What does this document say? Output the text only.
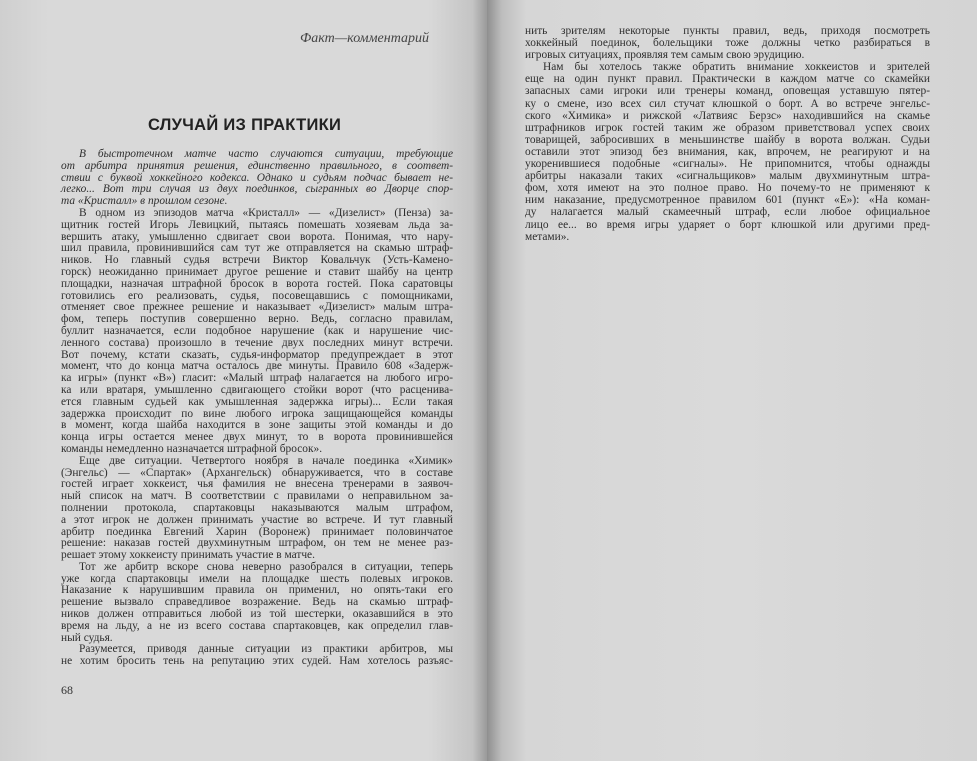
Факт—комментарий
СЛУЧАЙ ИЗ ПРАКТИКИ
В быстротечном матче часто случаются ситуации, требующие
от арбитра принятия решения, единственно правильного, в соответ-
ствии с буквой хоккейного кодекса. Однако и судьям подчас бывает не-
легко... Вот три случая из двух поединков, сыгранных во Дворце спор-
та «Кристалл» в прошлом сезоне.
В одном из эпизодов матча «Кристалл» — «Дизелист» (Пенза) за-
щитник гостей Игорь Левицкий, пытаясь помешать хозяевам льда за-
вершить атаку, умышленно сдвигает свои ворота. Понимая, что нару-
шил правила, провинившийся сам тут же отправляется на скамью штраф-
ников. Но главный судья встречи Виктор Ковальчук (Усть-Камено-
горск) неожиданно принимает другое решение и ставит шайбу на центр
площадки, назначая штрафной бросок в ворота гостей. Пока саратовцы
готовились его реализовать, судья, посовещавшись с помощниками,
отменяет свое прежнее решение и наказывает «Дизелист» малым штра-
фом, теперь поступив совершенно верно. Ведь, согласно правилам,
буллит назначается, если подобное нарушение (как и нарушение чис-
ленного состава) произошло в течение двух последних минут встречи.
Вот почему, кстати сказать, судья-информатор предупреждает в этот
момент, что до конца матча осталось две минуты. Правило 608 «Задерж-
ка игры» (пункт «В») гласит: «Малый штраф налагается на любого игро-
ка или вратаря, умышленно сдвигающего стойки ворот (что расценива-
ется главным судьей как умышленная задержка игры)... Если такая
задержка происходит по вине любого игрока защищающейся команды
в момент, когда шайба находится в зоне защиты этой команды и до
конца игры остается менее двух минут, то в ворота провинившейся
команды немедленно назначается штрафной бросок».
Еще две ситуации. Четвертого ноября в начале поединка «Химик»
(Энгельс) — «Спартак» (Архангельск) обнаруживается, что в составе
гостей играет хоккеист, чья фамилия не внесена тренерами в заявоч-
ный список на матч. В соответствии с правилами о неправильном за-
полнении протокола, спартаковцы наказываются малым штрафом,
а этот игрок не должен принимать участие во встрече. И тут главный
арбитр поединка Евгений Харин (Воронеж) принимает половинчатое
решение: наказав гостей двухминутным штрафом, он тем не менее раз-
решает этому хоккеисту принимать участие в матче.
Тот же арбитр вскоре снова неверно разобрался в ситуации, теперь
уже когда спартаковцы имели на площадке шесть полевых игроков.
Наказание к нарушившим правила он применил, но опять-таки его
решение вызвало справедливое возражение. Ведь на скамью штраф-
ников должен отправиться любой из той шестерки, оказавшийся в это
время на льду, а не из всего состава спартаковцев, как определил глав-
ный судья.
Разумеется, приводя данные ситуации из практики арбитров, мы
не хотим бросить тень на репутацию этих судей. Нам хотелось разъяс-
68
нить зрителям некоторые пункты правил, ведь, приходя посмотреть
хоккейный поединок, болельщики тоже должны четко разбираться в
игровых ситуациях, проявляя тем самым свою эрудицию.
Нам бы хотелось также обратить внимание хоккеистов и зрителей
еще на один пункт правил. Практически в каждом матче со скамейки
запасных сами игроки или тренеры команд, оповещая уставшую пятер-
ку о смене, изо всех сил стучат клюшкой о борт. А во встрече энгельс-
ского «Химика» и рижской «Латвияс Берзс» находившийся на скамье
штрафников игрок гостей таким же образом приветствовал успех своих
товарищей, забросивших в меньшинстве шайбу в ворота волжан. Судьи
оставили этот эпизод без внимания, как, впрочем, не реагируют и на
укоренившиеся подобные «сигналы». Не припомнится, чтобы однажды
арбитры наказали таких «сигнальщиков» малым двухминутным штра-
фом, хотя имеют на это полное право. Но почему-то не применяют к
ним наказание, предусмотренное правилом 601 (пункт «Е»): «На коман-
ду налагается малый скамеечный штраф, если любое официальное
лицо ее... во время игры ударяет о борт клюшкой или другими пред-
метами».
